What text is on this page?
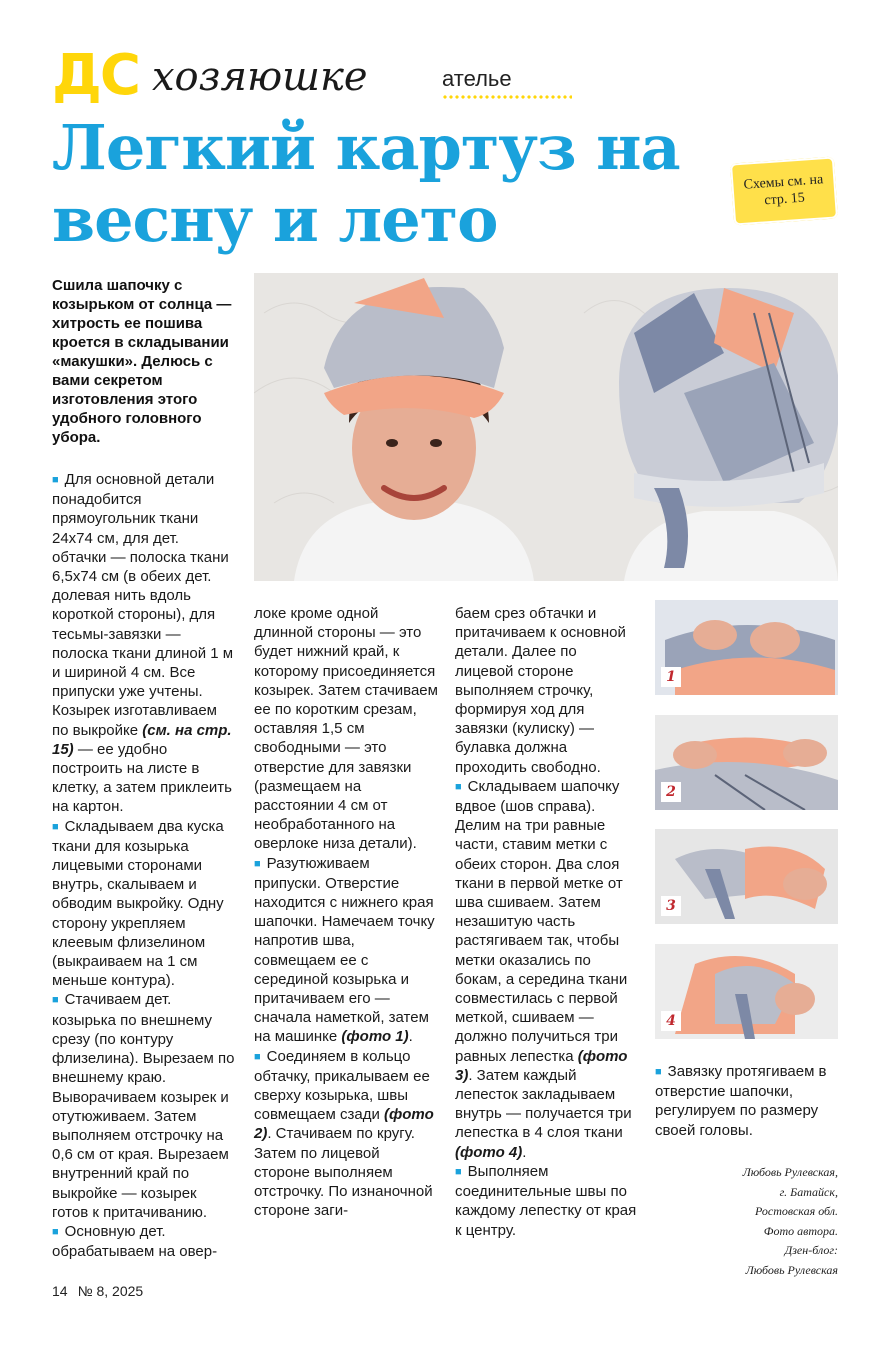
ДС хозяюшке	ателье
Легкий картуз на весну и лето
Схемы см. на стр. 15
Сшила шапочку с козырьком от солнца — хитрость ее пошива кроется в складывании «макушки». Делюсь с вами секретом изготовления этого удобного головного убора.
1
2
3
4

■ Для основной детали понадобится прямоугольник ткани 24х74 см, для дет. обтачки — полоска ткани 6,5х74 см (в обеих дет. долевая нить вдоль короткой стороны), для тесьмы-завязки — полоска ткани длиной 1 м и шириной 4 см. Все припуски уже учтены. Козырек изготавливаем по выкройке (см. на стр. 15) — ее удобно построить на листе в клетку, а затем приклеить на картон.

■ Складываем два куска ткани для козырька лицевыми сторонами внутрь, скалываем и обводим выкройку. Одну сторону укрепляем клеевым флизелином (выкраиваем на 1 см меньше контура).

■ Стачиваем дет. козырька по внешнему срезу (по контуру флизелина). Вырезаем по внешнему краю. Выворачиваем козырек и отутюживаем. Затем выполняем отстрочку на 0,6 см от края. Вырезаем внутренний край по выкройке — козырек готов к притачиванию.

■ Основную дет. обрабатываем на овер-

локе кроме одной длинной стороны — это будет нижний край, к которому присоединяется козырек. Затем стачиваем ее по коротким срезам, оставляя 1,5 см свободными — это отверстие для завязки (размещаем на расстоянии 4 см от необработанного на оверлоке низа детали).

■ Разутюживаем припуски. Отверстие находится с нижнего края шапочки. Намечаем точку напротив шва, совмещаем ее с серединой козырька и притачиваем его — сначала наметкой, затем на машинке (фото 1).

■ Соединяем в кольцо обтачку, прикалываем ее сверху козырька, швы совмещаем сзади (фото 2). Стачиваем по кругу. Затем по лицевой стороне выполняем отстрочку. По изнаночной стороне заги-

баем срез обтачки и притачиваем к основной детали. Далее по лицевой стороне выполняем строчку, формируя ход для завязки (кулиску) — булавка должна проходить свободно.

■ Складываем шапочку вдвое (шов справа). Делим на три равные части, ставим метки с обеих сторон. Два слоя ткани в первой метке от шва сшиваем. Затем незашитую часть растягиваем так, чтобы метки оказались по бокам, а середина ткани совместилась с первой меткой, сшиваем — должно получиться три равных лепестка (фото 3). Затем каждый лепесток закладываем внутрь — получается три лепестка в 4 слоя ткани (фото 4).

■ Выполняем соединительные швы по каждому лепестку от края к центру.

■ Завязку протягиваем в отверстие шапочки, регулируем по размеру своей головы.

Любовь Рулевская,
г. Батайск,
Ростовская обл.
Фото автора.
Дзен-блог:
Любовь Рулевская
14 № 8, 2025
